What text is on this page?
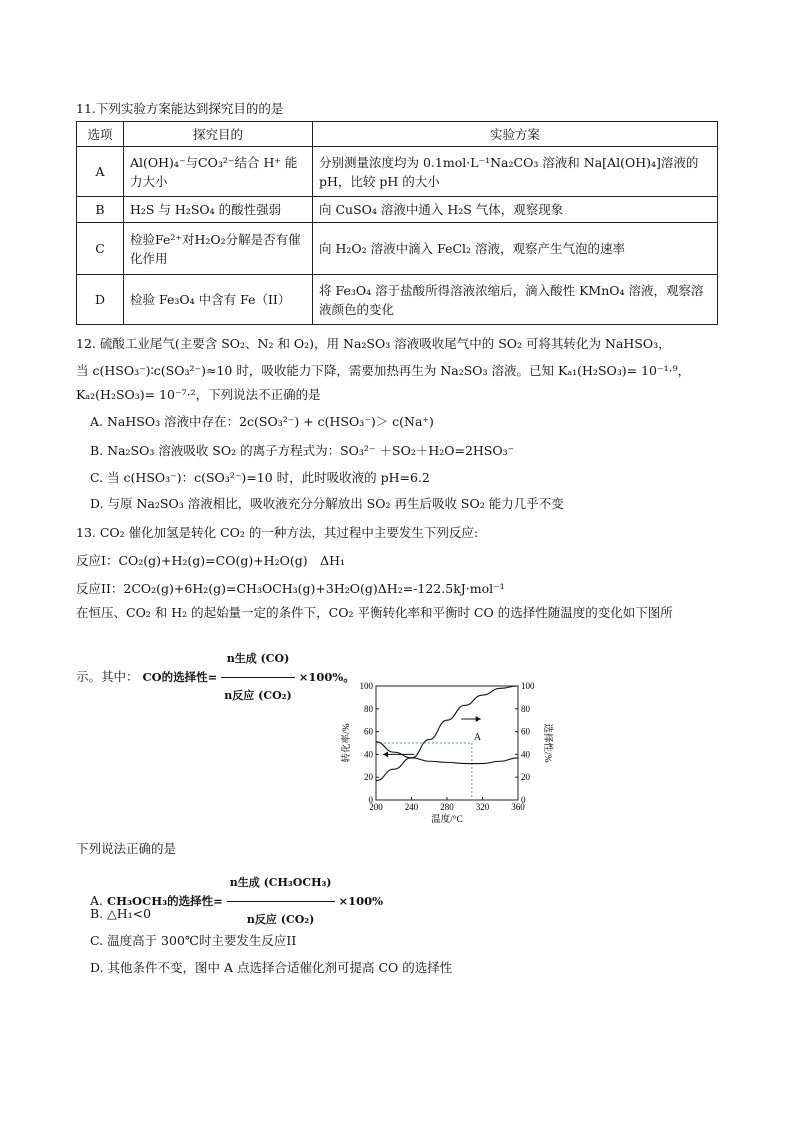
11.下列实验方案能达到探究目的的是
选项	探究目的	实验方案
A	Al(OH)₄⁻与CO₃²⁻结合 H⁺ 能力大小	分别测量浓度均为 0.1mol·L⁻¹Na₂CO₃ 溶液和 Na[Al(OH)₄]溶液的 pH，比较 pH 的大小
B	H₂S 与 H₂SO₄ 的酸性强弱	向 CuSO₄ 溶液中通入 H₂S 气体，观察现象
C	检验Fe²⁺对H₂O₂分解是否有催化作用	向 H₂O₂ 溶液中滴入 FeCl₂ 溶液，观察产生气泡的速率
D	检验 Fe₃O₄ 中含有 Fe（II）	将 Fe₃O₄ 溶于盐酸所得溶液浓缩后，滴入酸性 KMnO₄ 溶液，观察溶液颜色的变化
12. 硫酸工业尾气(主要含 SO₂、N₂ 和 O₂)，用 Na₂SO₃ 溶液吸收尾气中的 SO₂ 可将其转化为 NaHSO₃，
当 c(HSO₃⁻)∶c(SO₃²⁻)≈10 时，吸收能力下降，需要加热再生为 Na₂SO₃ 溶液。已知 Kₐ₁(H₂SO₃)= 10⁻¹·⁹，
Kₐ₂(H₂SO₃)= 10⁻⁷·²，下列说法不正确的是
A. NaHSO₃ 溶液中存在：2c(SO₃²⁻) + c(HSO₃⁻)＞ c(Na⁺)
B. Na₂SO₃ 溶液吸收 SO₂ 的离子方程式为：SO₃²⁻ ＋SO₂＋H₂O=2HSO₃⁻
C. 当 c(HSO₃⁻)：c(SO₃²⁻)=10 时，此时吸收液的 pH=6.2
D. 与原 Na₂SO₃ 溶液相比，吸收液充分分解放出 SO₂ 再生后吸收 SO₂ 能力几乎不变
13. CO₂ 催化加氢是转化 CO₂ 的一种方法，其过程中主要发生下列反应:
反应I：CO₂(g)+H₂(g)=CO(g)+H₂O(g)　ΔH₁
反应II：2CO₂(g)+6H₂(g)=CH₃OCH₃(g)+3H₂O(g)ΔH₂=-122.5kJ·mol⁻¹
在恒压、CO₂ 和 H₂ 的起始量一定的条件下，CO₂ 平衡转化率和平衡时 CO 的选择性随温度的变化如下图所
示。其中： CO的选择性= $\frac{\text{n生成 (CO)}}{\text{n反应 (CO₂)}} \times 100\%$。
200 240 280 320 360
0	0
20	20
40	40
60	60
80	80
100	100
A
温度/°C
转化率/%	选择性/%
下列说法正确的是
A. CH₃OCH₃的选择性= $\frac{\text{n生成 (CH₃OCH₃)}}{\text{n反应 (CO₂)}} \times 100\%$
B. △H₁<0
C. 温度高于 300℃时主要发生反应II
D. 其他条件不变，图中 A 点选择合适催化剂可提高 CO 的选择性
